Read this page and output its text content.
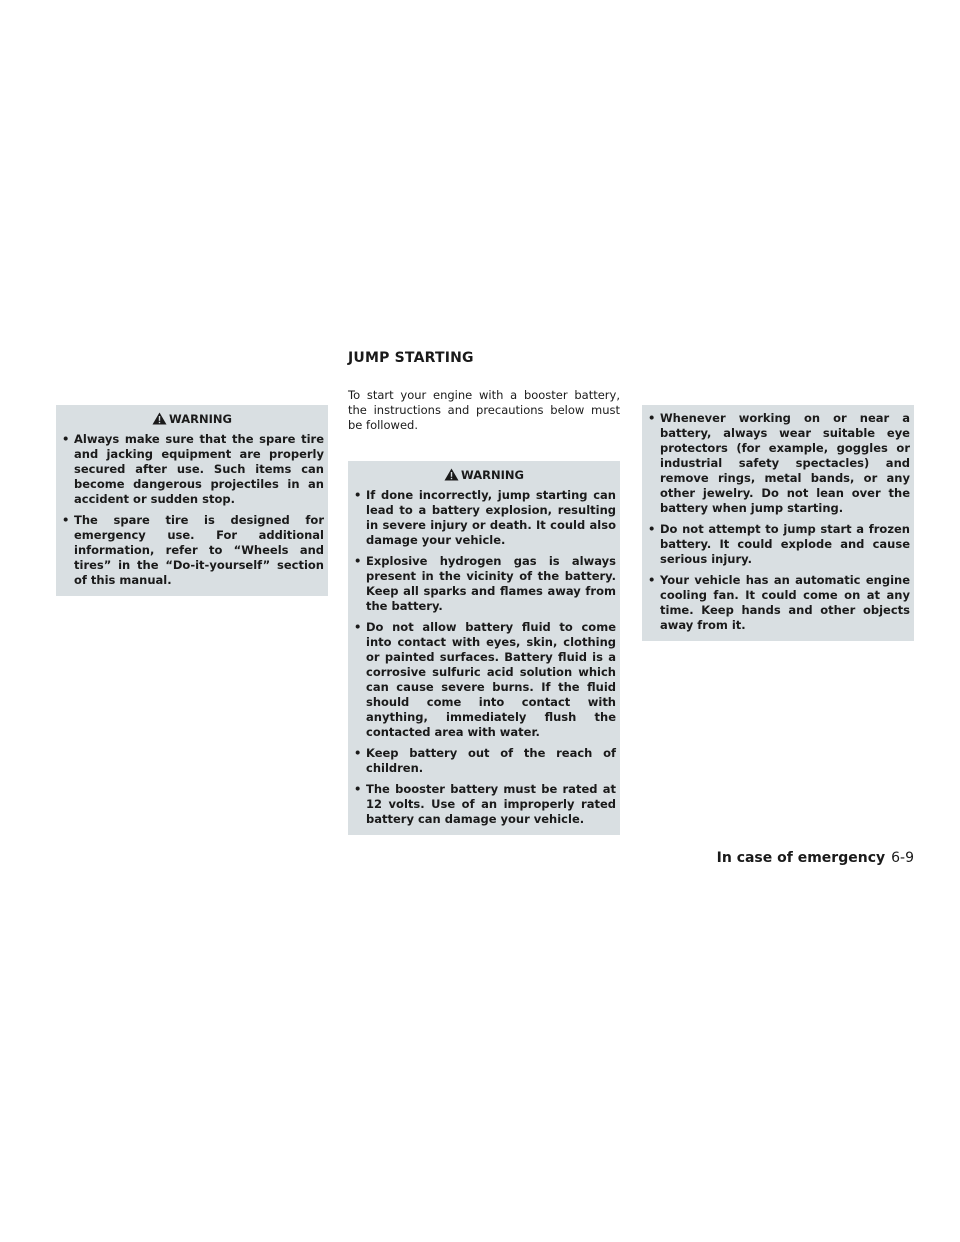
JUMP STARTING
WARNING
• Always make sure that the spare tire and jacking equipment are properly secured after use. Such items can become dangerous projectiles in an accident or sudden stop.
• The spare tire is designed for emergency use. For additional information, refer to “Wheels and tires” in the “Do-it-yourself” section of this manual.
To start your engine with a booster battery, the instructions and precautions below must be followed.
WARNING
• If done incorrectly, jump starting can lead to a battery explosion, resulting in severe injury or death. It could also damage your vehicle.
• Explosive hydrogen gas is always present in the vicinity of the battery. Keep all sparks and flames away from the battery.
• Do not allow battery fluid to come into contact with eyes, skin, clothing or painted surfaces. Battery fluid is a corrosive sulfuric acid solution which can cause severe burns. If the fluid should come into contact with anything, immediately flush the contacted area with water.
• Keep battery out of the reach of children.
• The booster battery must be rated at 12 volts. Use of an improperly rated battery can damage your vehicle.
• Whenever working on or near a battery, always wear suitable eye protectors (for example, goggles or industrial safety spectacles) and remove rings, metal bands, or any other jewelry. Do not lean over the battery when jump starting.
• Do not attempt to jump start a frozen battery. It could explode and cause serious injury.
• Your vehicle has an automatic engine cooling fan. It could come on at any time. Keep hands and other objects away from it.
In case of emergency 6-9
